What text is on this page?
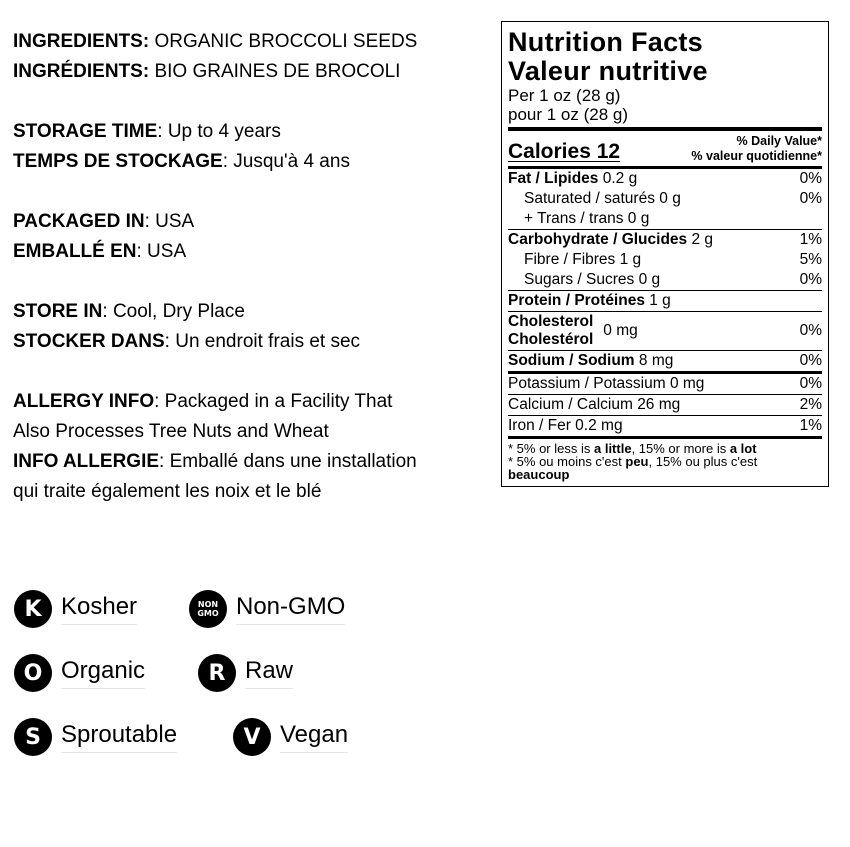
INGREDIENTS: ORGANIC BROCCOLI SEEDS
INGRÉDIENTS: BIO GRAINES DE BROCOLI

STORAGE TIME: Up to 4 years
TEMPS DE STOCKAGE: Jusqu'à 4 ans

PACKAGED IN: USA
EMBALLÉ EN: USA

STORE IN: Cool, Dry Place
STOCKER DANS: Un endroit frais et sec

ALLERGY INFO: Packaged in a Facility That
Also Processes Tree Nuts and Wheat
INFO ALLERGIE: Emballé dans une installation
qui traite également les noix et le blé

K Kosher	NON
GMO Non-GMO
O Organic	R Raw
S Sproutable	V Vegan
Nutrition Facts
Valeur nutritive
Per 1 oz (28 g)
pour 1 oz (28 g)
Calories 12	% Daily Value*
% valeur quotidienne*
Fat / Lipides 0.2 g	0%
Saturated / saturés 0 g	0%
+ Trans / trans 0 g
Carbohydrate / Glucides 2 g	1%
Fibre / Fibres 1 g	5%
Sugars / Sucres 0 g	0%
Protein / Protéines 1 g
Cholesterol
Cholestérol
0 mg	0%
Sodium / Sodium 8 mg	0%
Potassium / Potassium 0 mg	0%
Calcium / Calcium 26 mg	2%
Iron / Fer 0.2 mg	1%
* 5% or less is a little, 15% or more is a lot
* 5% ou moins c'est peu, 15% ou plus c'est
beaucoup
